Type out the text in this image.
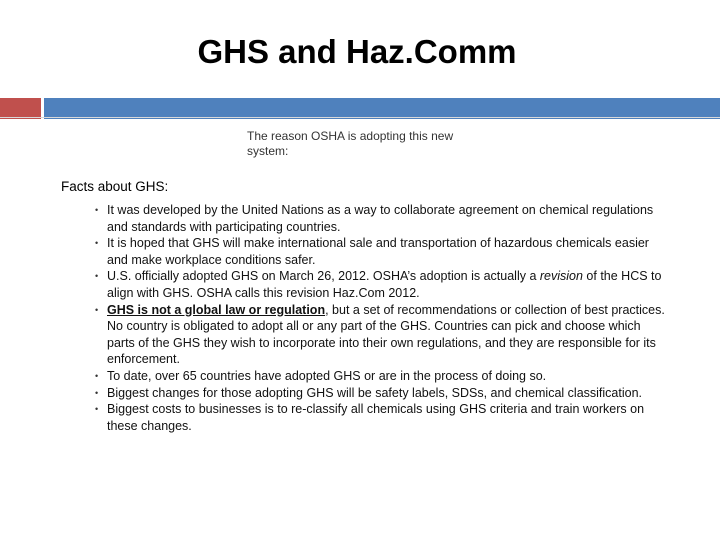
GHS and Haz.Comm
The reason OSHA is adopting this new system:
Facts about GHS:
• It was developed by the United Nations as a way to collaborate agreement on chemical regulations and standards with participating countries.
• It is hoped that GHS will make international sale and transportation of hazardous chemicals easier and make workplace conditions safer.
• U.S. officially adopted GHS on March 26, 2012. OSHA’s adoption is actually a revision of the HCS to align with GHS. OSHA calls this revision Haz.Com 2012.
• GHS is not a global law or regulation, but a set of recommendations or collection of best practices. No country is obligated to adopt all or any part of the GHS. Countries can pick and choose which parts of the GHS they wish to incorporate into their own regulations, and they are responsible for its enforcement.
• To date, over 65 countries have adopted GHS or are in the process of doing so.
• Biggest changes for those adopting GHS will be safety labels, SDSs, and chemical classification.
• Biggest costs to businesses is to re-classify all chemicals using GHS criteria and train workers on these changes.
